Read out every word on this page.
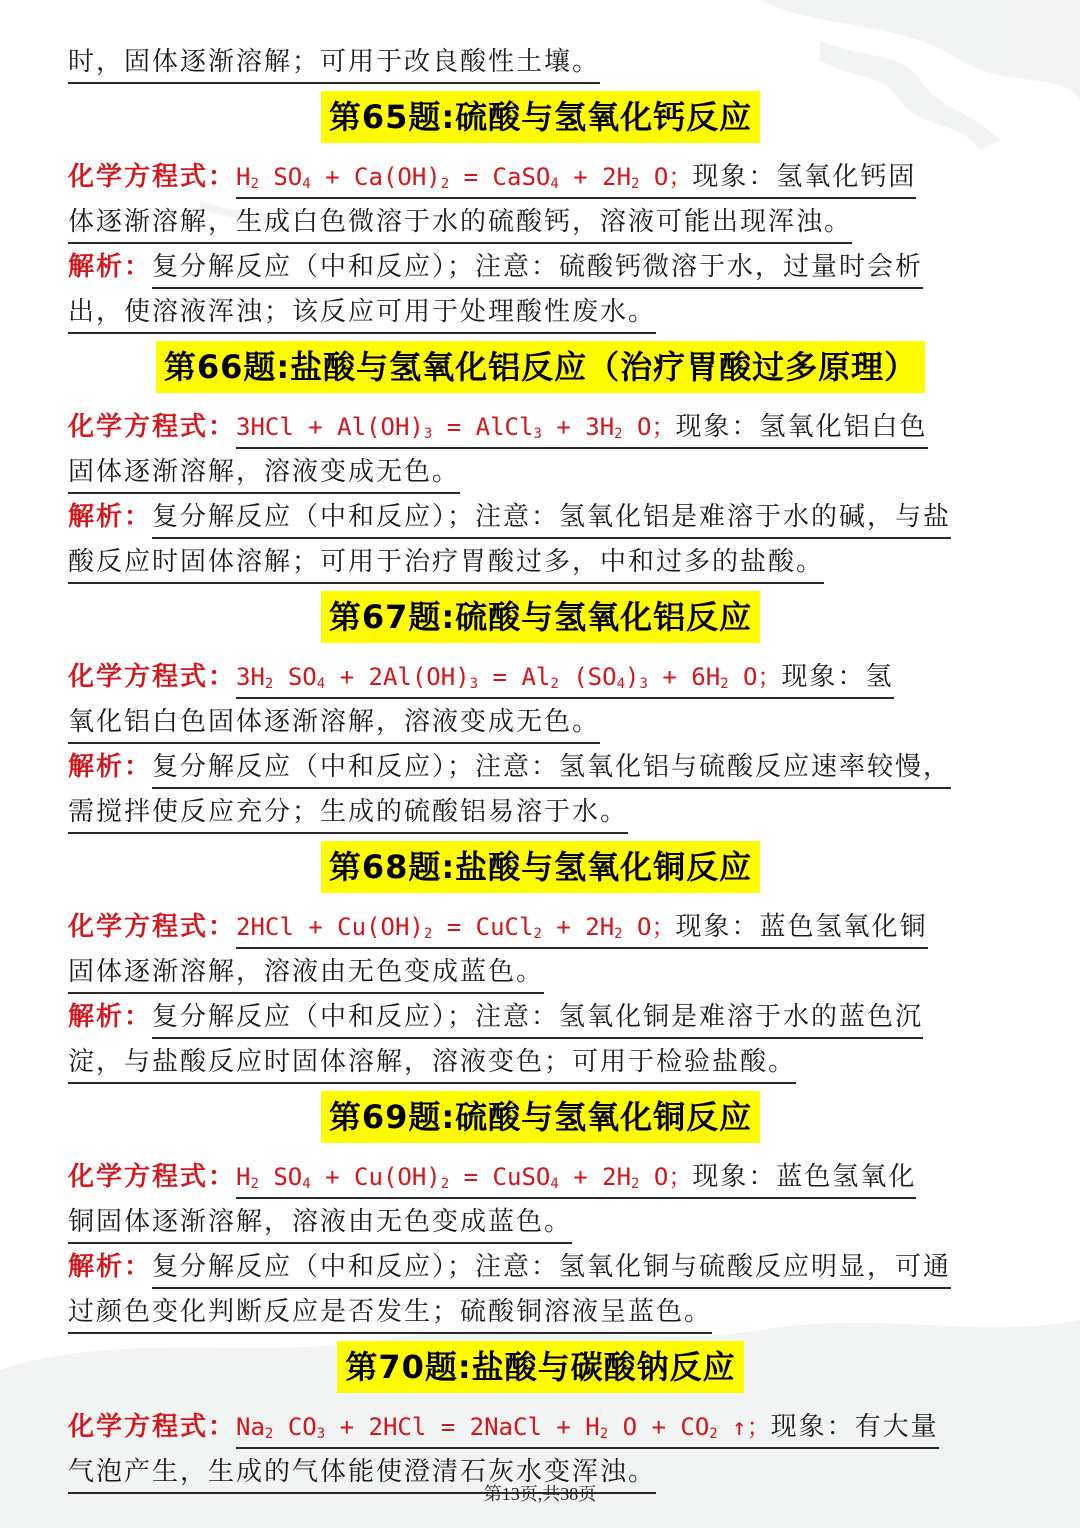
时，固体逐渐溶解；可用于改良酸性土壤。
第65题:硫酸与氢氧化钙反应
化学方程式：$H_2$ $SO_4 + Ca(OH)_2$ = CaSO$_4$ + $2H_2$ O；现象：氢氧化钙固
体逐渐溶解，生成白色微溶于水的硫酸钙，溶液可能出现浑浊。
解析：复分解反应（中和反应）；注意：硫酸钙微溶于水，过量时会析
出，使溶液浑浊；该反应可用于处理酸性废水。
第66题:盐酸与氢氧化铝反应（治疗胃酸过多原理）
化学方程式：$3HCl + Al(OH)_3$ = AlCl$_3$ + $3H_2$ O；现象：氢氧化铝白色
固体逐渐溶解，溶液变成无色。
解析：复分解反应（中和反应）；注意：氢氧化铝是难溶于水的碱，与盐
酸反应时固体溶解；可用于治疗胃酸过多，中和过多的盐酸。
第67题:硫酸与氢氧化铝反应
化学方程式：$3H_2$ $SO_4 + 2Al(OH)_3 = Al_2$ $(SO_4)_3 + 6H_2$ O；现象：氢
氧化铝白色固体逐渐溶解，溶液变成无色。
解析：复分解反应（中和反应）；注意：氢氧化铝与硫酸反应速率较慢，
需搅拌使反应充分；生成的硫酸铝易溶于水。
第68题:盐酸与氢氧化铜反应
化学方程式：$2HCl + Cu(OH)_2$ = CuCl$_2$ + $2H_2$ O；现象：蓝色氢氧化铜
固体逐渐溶解，溶液由无色变成蓝色。
解析：复分解反应（中和反应）；注意：氢氧化铜是难溶于水的蓝色沉
淀，与盐酸反应时固体溶解，溶液变色；可用于检验盐酸。
第69题:硫酸与氢氧化铜反应
化学方程式：$H_2$ $SO_4 + Cu(OH)_2$ = CuSO$_4$ + $2H_2$ O；现象：蓝色氢氧化
铜固体逐渐溶解，溶液由无色变成蓝色。
解析：复分解反应（中和反应）；注意：氢氧化铜与硫酸反应明显，可通
过颜色变化判断反应是否发生；硫酸铜溶液呈蓝色。
第70题:盐酸与碳酸钠反应
化学方程式：$Na_2$ $CO_3 + 2HCl$ = 2NaCl + $H_2$ $O + CO_2$ ↑；现象：有大量
气泡产生，生成的气体能使澄清石灰水变浑浊。
第13页,共38页
